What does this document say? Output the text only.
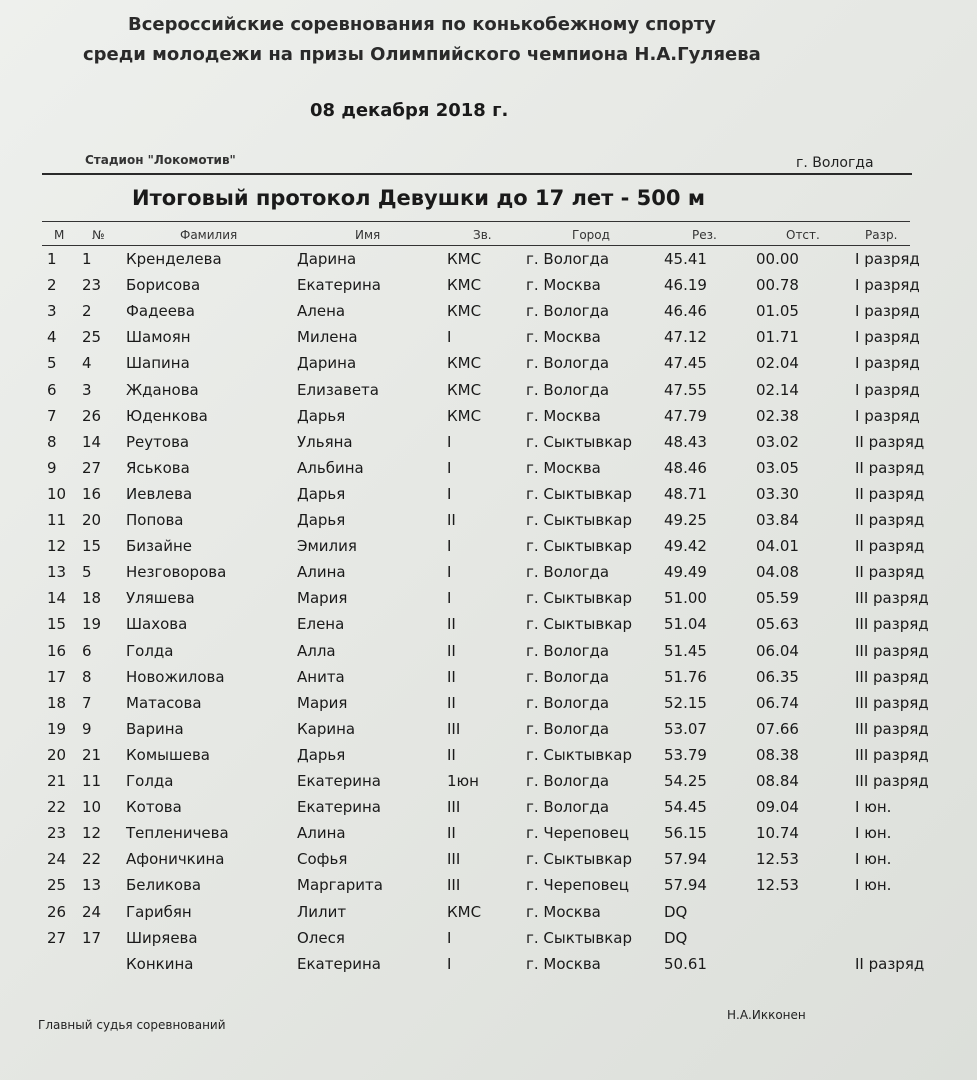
Всероссийские соревнования по конькобежному спорту
среди молодежи на призы Олимпийского чемпиона Н.А.Гуляева
08 декабря 2018 г.
Стадион "Локомотив"	г. Вологда
Итоговый протокол Девушки до 17 лет - 500 м
М №	Фамилия	Имя	Зв.	Город	Рез.	Отст.	Разр.
1 1 Кренделева	Дарина	КМС	г. Вологда	45.41	00.00	I разряд
2 23 Борисова	Екатерина	КМС	г. Москва	46.19	00.78	I разряд
3 2 Фадеева	Алена	КМС	г. Вологда	46.46	01.05	I разряд
4 25 Шамоян	Милена	I	г. Москва	47.12	01.71	I разряд
5 4 Шапина	Дарина	КМС	г. Вологда	47.45	02.04	I разряд
6 3 Жданова	Елизавета	КМС	г. Вологда	47.55	02.14	I разряд
7 26 Юденкова	Дарья	КМС	г. Москва	47.79	02.38	I разряд
8 14 Реутова	Ульяна	I	г. Сыктывкар 48.43	03.02	II разряд
9 27 Яськова	Альбина	I	г. Москва	48.46	03.05	II разряд
10 16 Иевлева	Дарья	I	г. Сыктывкар 48.71	03.30	II разряд
11 20 Попова	Дарья	II	г. Сыктывкар 49.25	03.84	II разряд
12 15 Бизайне	Эмилия	I	г. Сыктывкар 49.42	04.01	II разряд
13 5 Незговорова	Алина	I	г. Вологда	49.49	04.08	II разряд
14 18 Уляшева	Мария	I	г. Сыктывкар 51.00	05.59	III разряд
15 19 Шахова	Елена	II	г. Сыктывкар 51.04	05.63	III разряд
16 6 Голда	Алла	II	г. Вологда	51.45	06.04	III разряд
17 8 Новожилова	Анита	II	г. Вологда	51.76	06.35	III разряд
18 7 Матасова	Мария	II	г. Вологда	52.15	06.74	III разряд
19 9 Варина	Карина	III	г. Вологда	53.07	07.66	III разряд
20 21 Комышева	Дарья	II	г. Сыктывкар 53.79	08.38	III разряд
21 11 Голда	Екатерина	1юн	г. Вологда	54.25	08.84	III разряд
22 10 Котова	Екатерина	III	г. Вологда	54.45	09.04	I юн.
23 12 Тепленичева	Алина	II	г. Череповец 56.15	10.74	I юн.
24 22 Афоничкина	Софья	III	г. Сыктывкар 57.94	12.53	I юн.
25 13 Беликова	Маргарита	III	г. Череповец 57.94	12.53	I юн.
26 24 Гарибян	Лилит	КМС	г. Москва	DQ
27 17 Ширяева	Олеся	I	г. Сыктывкар DQ
Конкина	Екатерина	I	г. Москва	50.61	II разряд
Главный судья соревнований
Н.А.Икконен
